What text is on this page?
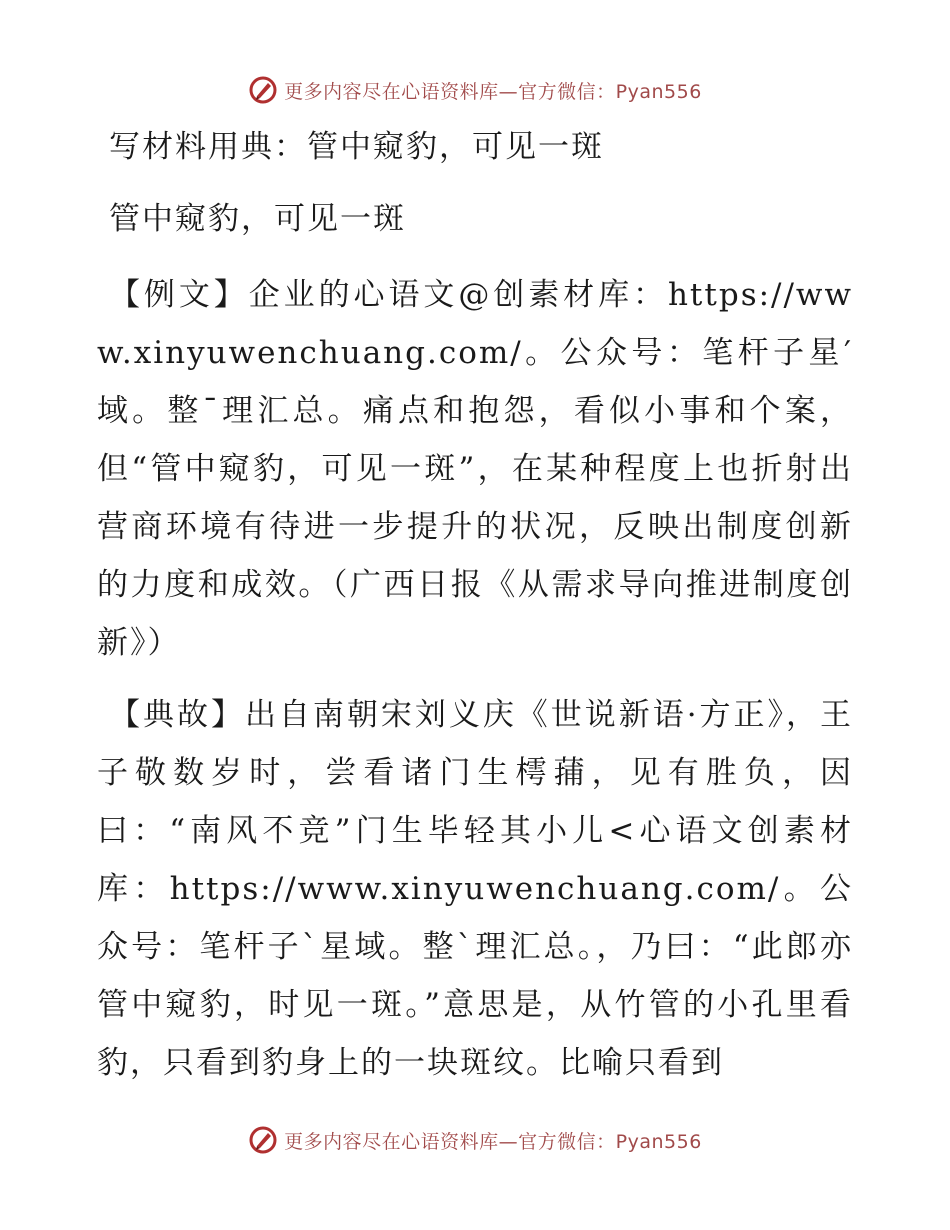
更多内容尽在心语资料库—官方微信：Pyan556
写材料用典：管中窥豹，可见一斑
管中窥豹，可见一斑

【例文】企业的心语文@创素材库：https://www.xinyuwenchuang.com/。公众号：笔杆子星′域。整¯理汇总。痛点和抱怨，看似小事和个案，但“管中窥豹，可见一斑”，在某种程度上也折射出营商环境有待进一步提升的状况，反映出制度创新的力度和成效。（广西日报《从需求导向推进制度创新》）

【典故】出自南朝宋刘义庆《世说新语·方正》，王子敬数岁时，尝看诸门生樗蒱，见有胜负，因曰：“南风不竞”门生毕轻其小儿<心语文创素材库：https://www.xinyuwenchuang.com/。公众号：笔杆子`星域。整`理汇总。，乃曰：“此郎亦管中窥豹，时见一斑。”意思是，从竹管的小孔里看豹，只看到豹身上的一块斑纹。比喻只看到

更多内容尽在心语资料库—官方微信：Pyan556
